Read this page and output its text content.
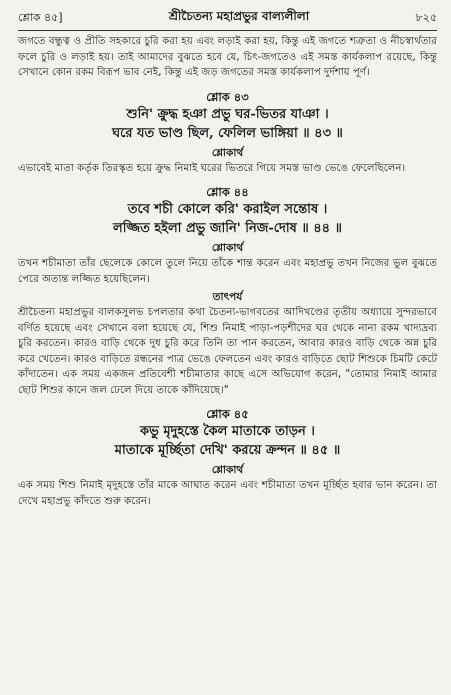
শ্লোক ৪৫]	শ্রীচৈতন্য মহাপ্রভুর বাল্যলীলা	৮২৫

জগতে বন্ধুত্ব ও প্রীতি সহকারে চুরি করা হয় এবং লড়াই করা হয়, কিন্তু এই জগতে শত্রুতা ও নীচস্বার্থতার ফলে চুরি ও লড়াই হয়। তাই আমাদের বুঝতে হবে যে, চিৎ-জগতেও এই সমস্ত কার্যকলাপ রয়েছে, কিন্তু সেখানে কোন রকম বিরূপ ভাব নেই, কিন্তু এই জড় জগতের সমস্ত কার্যকলাপ দুর্দশায় পূর্ণ।

শ্লোক ৪৩
শুনি' ক্রুদ্ধ হঞা প্রভু ঘর-ভিতর যাঞা ।
ঘরে যত ভাণ্ড ছিল, ফেলিল ভাঙ্গিয়া ॥ ৪৩ ॥
শ্লোকার্থ

এভাবেই মাতা কর্তৃক তিরস্কৃত হয়ে ক্রুদ্ধ নিমাই ঘরের ভিতরে গিয়ে সমস্ত ভাণ্ড ভেঙে ফেলেছিলেন।

শ্লোক ৪৪
তবে শচী কোলে করি' করাইল সন্তোষ ।
লজ্জিত হইলা প্রভু জানি' নিজ-দোষ ॥ ৪৪ ॥
শ্লোকার্থ

তখন শচীমাতা তাঁর ছেলেকে কোলে তুলে নিয়ে তাঁকে শান্ত করেন এবং মহাপ্রভু তখন নিজের ভুল বুঝতে পেরে অত্যন্ত লজ্জিত হয়েছিলেন।

তাৎপর্য

শ্রীচৈতন্য মহাপ্রভুর বালকসুলভ চপলতার কথা চৈতন্য-ভাগবতের আদিখণ্ডের তৃতীয় অধ্যায়ে সুন্দরভাবে বর্ণিত হয়েছে এবং সেখানে বলা হয়েছে যে, শিশু নিমাই পাড়া-পড়শীদের ঘর থেকে নানা রকম খাদ্যদ্রব্য চুরি করতেন। কারও বাড়ি থেকে দুধ চুরি করে তিনি তা পান করতেন, আবার কারও বাড়ি থেকে অন্ন চুরি করে খেতেন। কারও বাড়িতে রন্ধনের পাত্র ভেঙে ফেলতেন এবং কারও বাড়িতে ছোট শিশুকে চিমটি কেটে কাঁদাতেন। এক সময় একজন প্রতিবেশী শচীমাতার কাছে এসে অভিযোগ করেন, "তোমার নিমাই আমার ছোট শিশুর কানে জল ঢেলে দিয়ে তাকে কাঁদিয়েছে।"

শ্লোক ৪৫
কভু মৃদুহস্তে কৈল মাতাকে তাড়ন ।
মাতাকে মূর্চ্ছিতা দেখি' করয়ে ক্রন্দন ॥ ৪৫ ॥
শ্লোকার্থ

এক সময় শিশু নিমাই মৃদুহস্তে তাঁর মাকে আঘাত করেন এবং শচীমাতা তখন মূর্চ্ছিত হবার ভান করেন। তা দেখে মহাপ্রভু কাঁদতে শুরু করেন।
